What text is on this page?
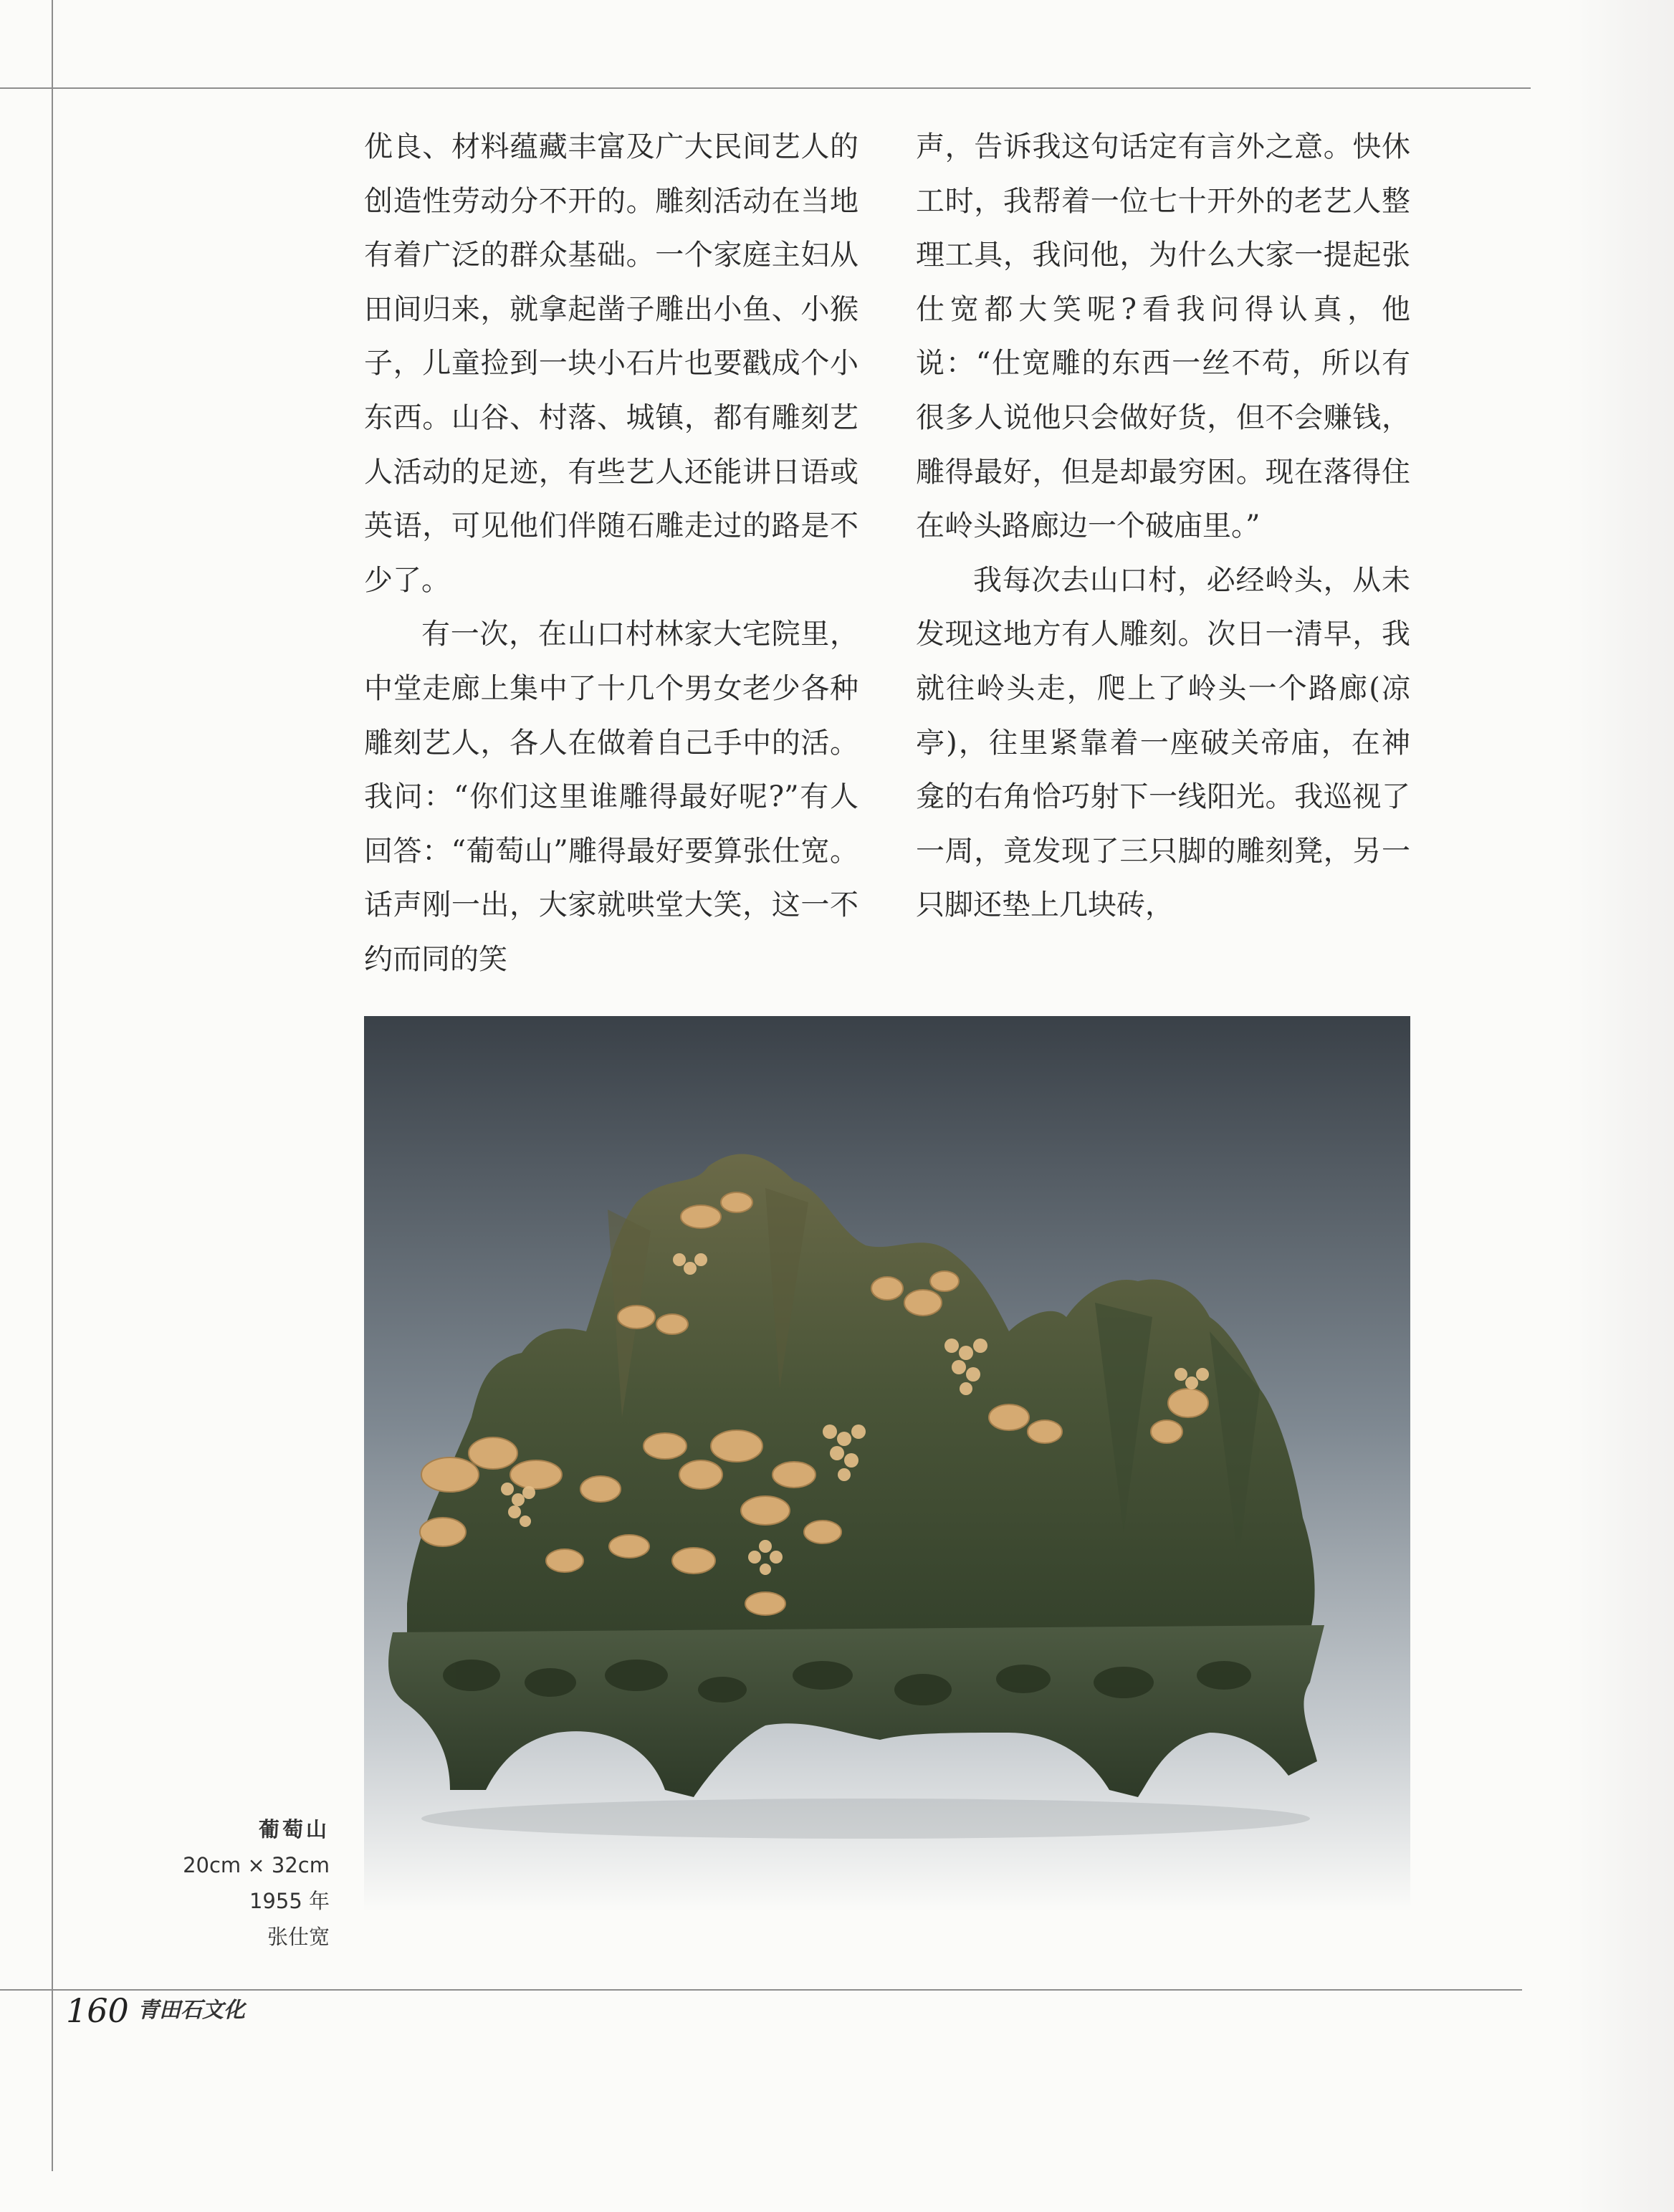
优良、材料蕴藏丰富及广大民间艺人的创造性劳动分不开的。雕刻活动在当地有着广泛的群众基础。一个家庭主妇从田间归来，就拿起凿子雕出小鱼、小猴子，儿童捡到一块小石片也要戳成个小东西。山谷、村落、城镇，都有雕刻艺人活动的足迹，有些艺人还能讲日语或英语，可见他们伴随石雕走过的路是不少了。

有一次，在山口村林家大宅院里，中堂走廊上集中了十几个男女老少各种雕刻艺人，各人在做着自己手中的活。我问：“你们这里谁雕得最好呢?”有人回答：“葡萄山”雕得最好要算张仕宽。话声刚一出，大家就哄堂大笑，这一不约而同的笑

声，告诉我这句话定有言外之意。快休工时，我帮着一位七十开外的老艺人整理工具，我问他，为什么大家一提起张仕宽都大笑呢?看我问得认真，他说：“仕宽雕的东西一丝不苟，所以有很多人说他只会做好货，但不会赚钱，雕得最好，但是却最穷困。现在落得住在岭头路廊边一个破庙里。”

我每次去山口村，必经岭头，从未发现这地方有人雕刻。次日一清早，我就往岭头走，爬上了岭头一个路廊(凉亭)，往里紧靠着一座破关帝庙，在神龛的右角恰巧射下一线阳光。我巡视了一周，竟发现了三只脚的雕刻凳，另一只脚还垫上几块砖，

葡萄山
20cm × 32cm
1955 年
张仕宽
160 青田石文化
